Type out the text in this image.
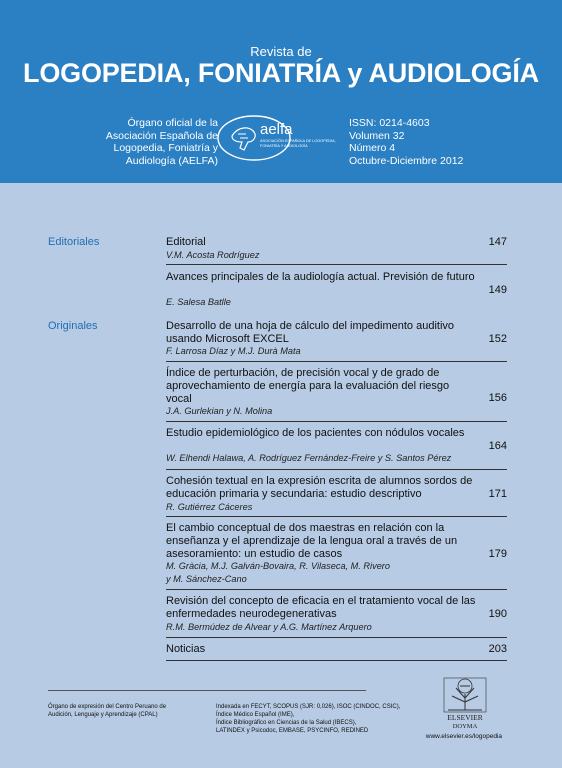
Revista de
LOGOPEDIA, FONIATRÍA y AUDIOLOGÍA
Órgano oficial de la
Asociación Española de
Logopedia, Foniatría y
Audiología (AELFA)
aelfa
ASOCIACIÓN ESPAÑOLA DE LOGOPEDIA,
FONIATRÍA Y AUDIOLOGÍA
ISSN: 0214-4603
Volumen 32
Número 4
Octubre-Diciembre 2012
Editoriales
Originales
Editorial
V.M. Acosta Rodríguez
147
Avances principales de la audiología actual. Previsión de futuro
E. Salesa Batlle
149
Desarrollo de una hoja de cálculo del impedimento auditivo usando Microsoft EXCEL
F. Larrosa Díaz y M.J. Durà Mata
152
Índice de perturbación, de precisión vocal y de grado de aprovechamiento de energía para la evaluación del riesgo vocal
J.A. Gurlekian y N. Molina
156
Estudio epidemiológico de los pacientes con nódulos vocales
W. Elhendi Halawa, A. Rodríguez Fernández-Freire y S. Santos Pérez
164
Cohesión textual en la expresión escrita de alumnos sordos de educación primaria y secundaria: estudio descriptivo
R. Gutiérrez Cáceres
171
El cambio conceptual de dos maestras en relación con la enseñanza y el aprendizaje de la lengua oral a través de un asesoramiento: un estudio de casos
M. Gràcia, M.J. Galván-Bovaira, R. Vilaseca, M. Rivero
y M. Sánchez-Cano
179
Revisión del concepto de eficacia en el tratamiento vocal de las enfermedades neurodegenerativas
R.M. Bermúdez de Alvear y A.G. Martínez Arquero
190
Noticias	203
Órgano de expresión del Centro Peruano de
Audición, Lenguaje y Aprendizaje (CPAL)
Indexada en FECYT, SCOPUS (SJR: 0,026), ISOC (CINDOC, CSIC),
Índice Médico Español (IME),
Índice Bibliográfico en Ciencias de la Salud (IBECS),
LATINDEX y Psicodoc, EMBASE, PSYCINFO, REDINED
ELSEVIER
DOYMA
www.elsevier.es/logopedia
